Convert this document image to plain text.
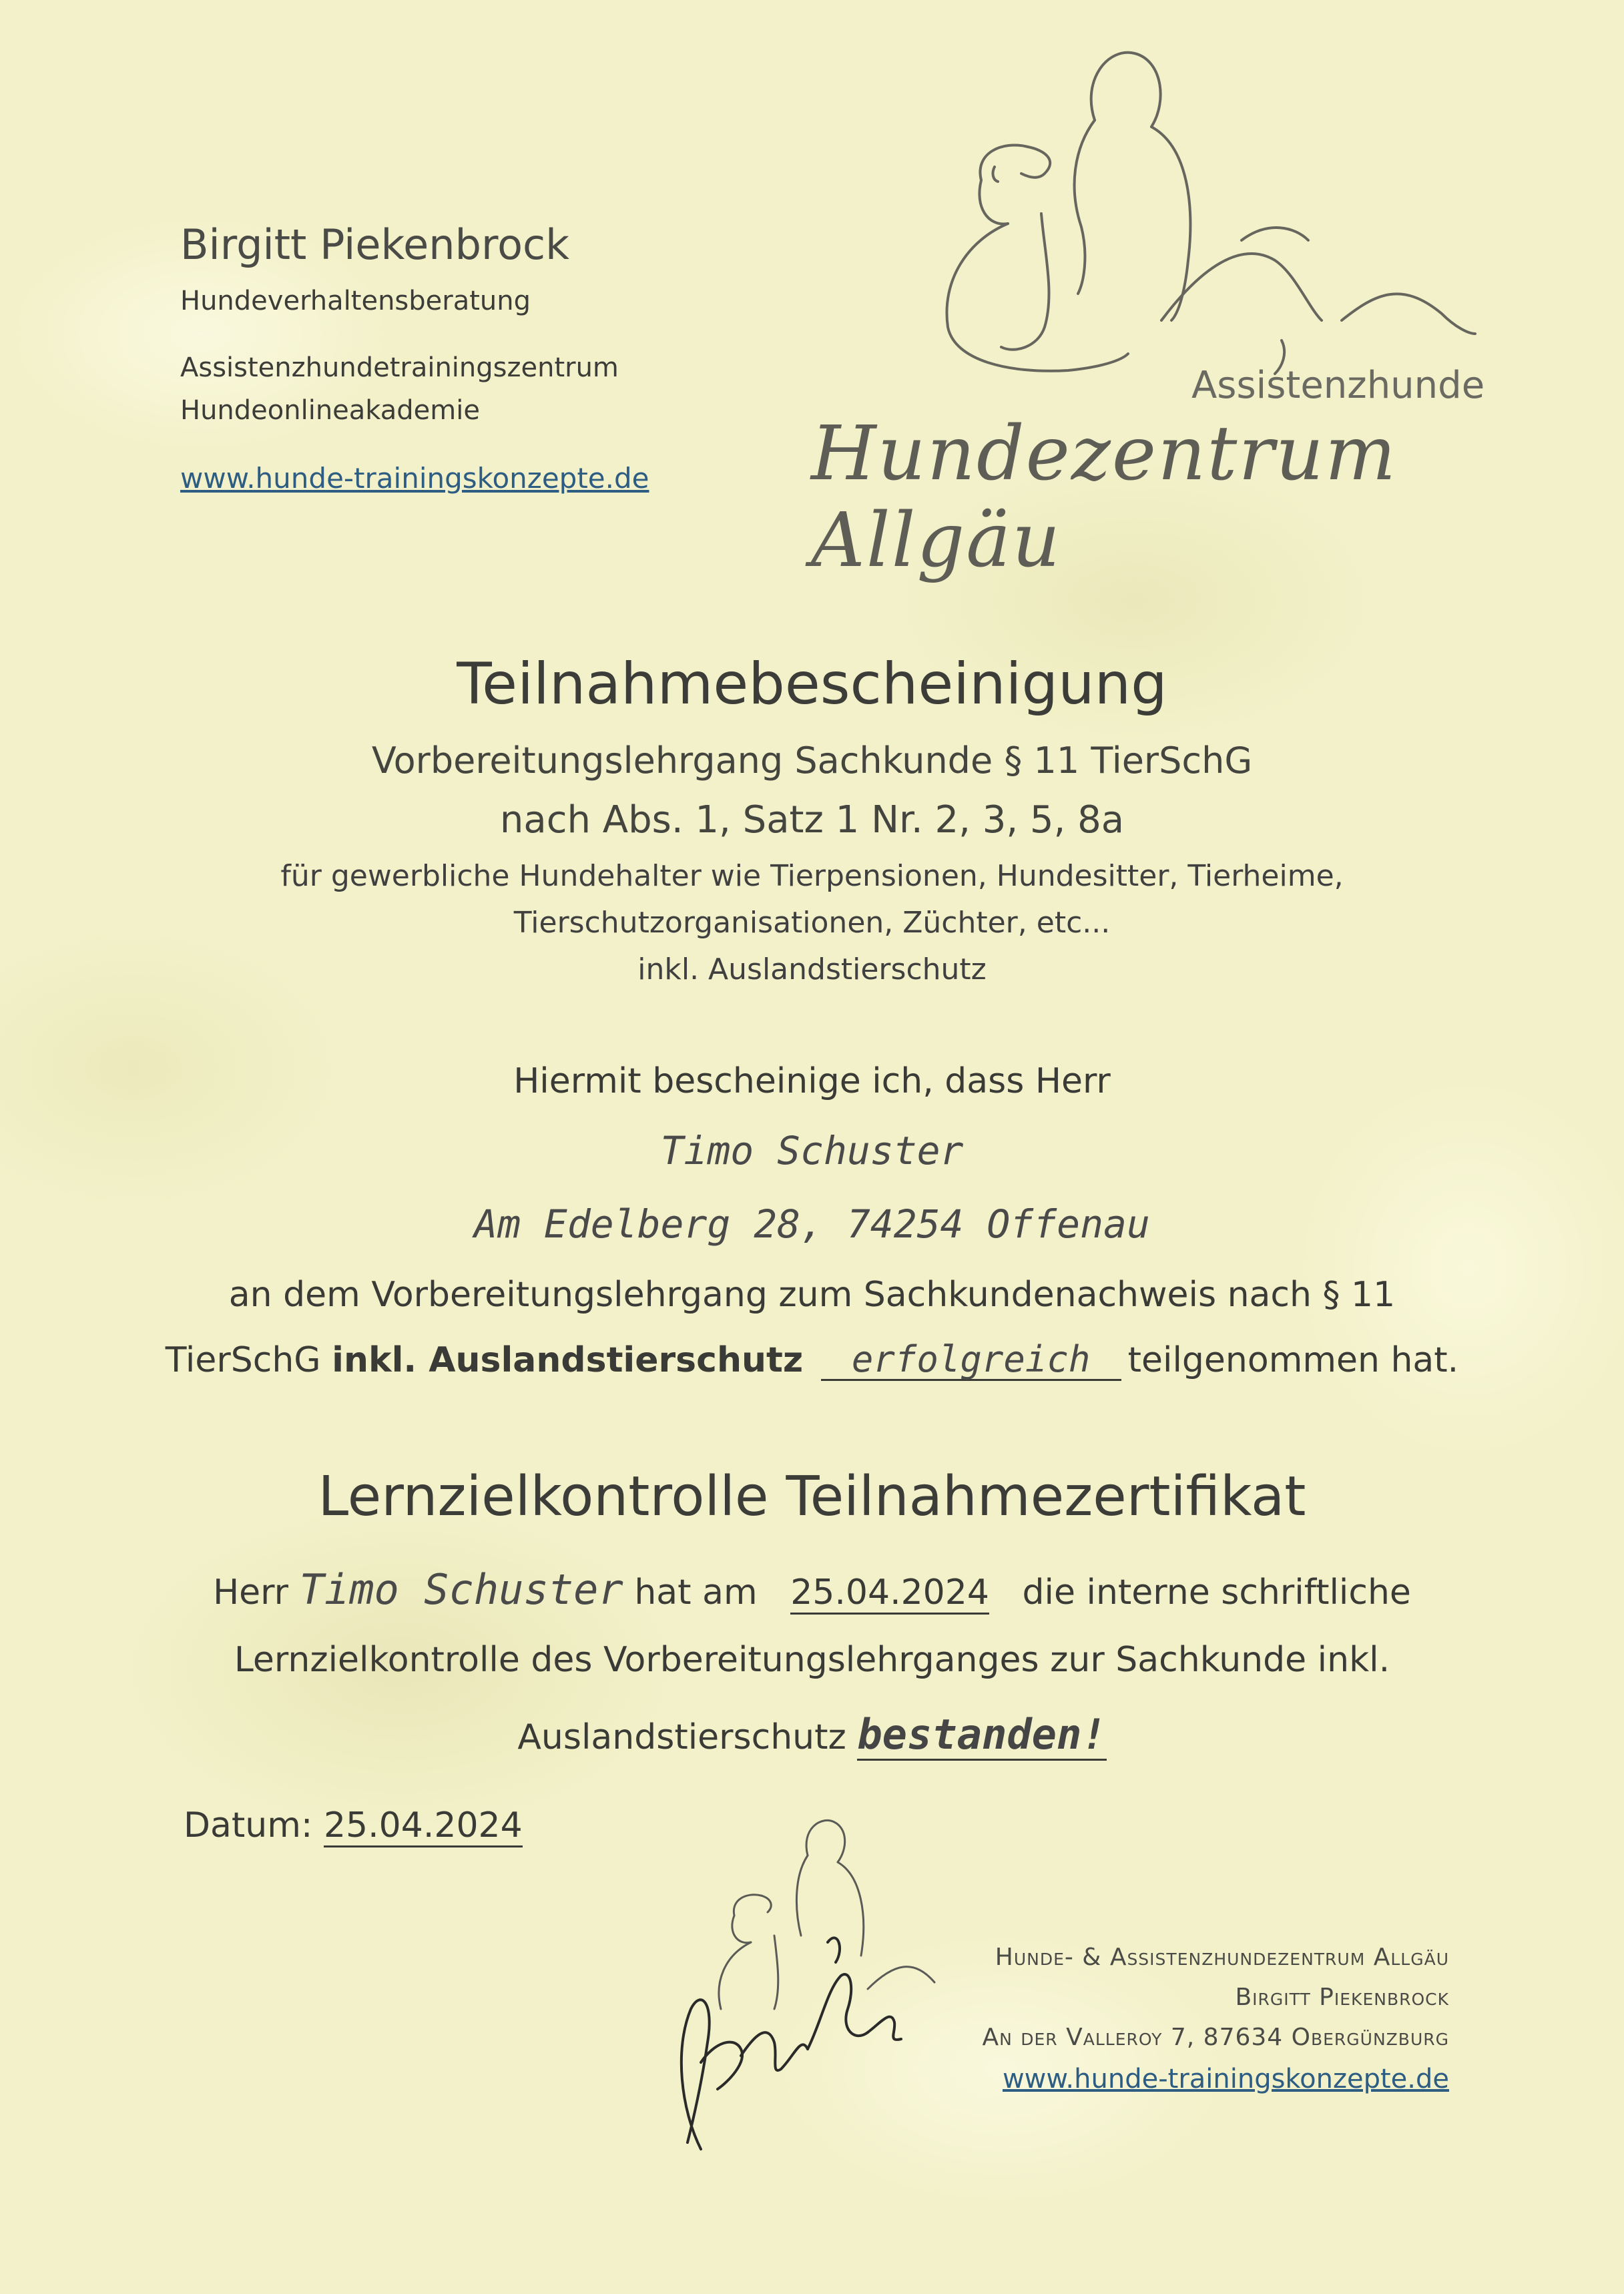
Birgitt Piekenbrock
Hundeverhaltensberatung
Assistenzhundetrainingszentrum
Hundeonlineakademie
www.hunde-trainingskonzepte.de
Assistenzhunde
Hundezentrum Allgäu
Teilnahmebescheinigung
Vorbereitungslehrgang Sachkunde § 11 TierSchG
nach Abs. 1, Satz 1 Nr. 2, 3, 5, 8a
für gewerbliche Hundehalter wie Tierpensionen, Hundesitter, Tierheime,
Tierschutzorganisationen, Züchter, etc...
inkl. Auslandstierschutz
Hiermit bescheinige ich, dass Herr
Timo Schuster
Am Edelberg 28, 74254 Offenau
an dem Vorbereitungslehrgang zum Sachkundenachweis nach § 11
TierSchG inkl. Auslandstierschutz erfolgreich teilgenommen hat.
Lernzielkontrolle Teilnahmezertifikat
Herr Timo Schuster hat am 25.04.2024 die interne schriftliche
Lernzielkontrolle des Vorbereitungslehrganges zur Sachkunde inkl.
Auslandstierschutz bestanden!
Datum: 25.04.2024
Hunde- & Assistenzhundezentrum Allgäu
Birgitt Piekenbrock
An der Valleroy 7, 87634 Obergünzburg
www.hunde-trainingskonzepte.de
